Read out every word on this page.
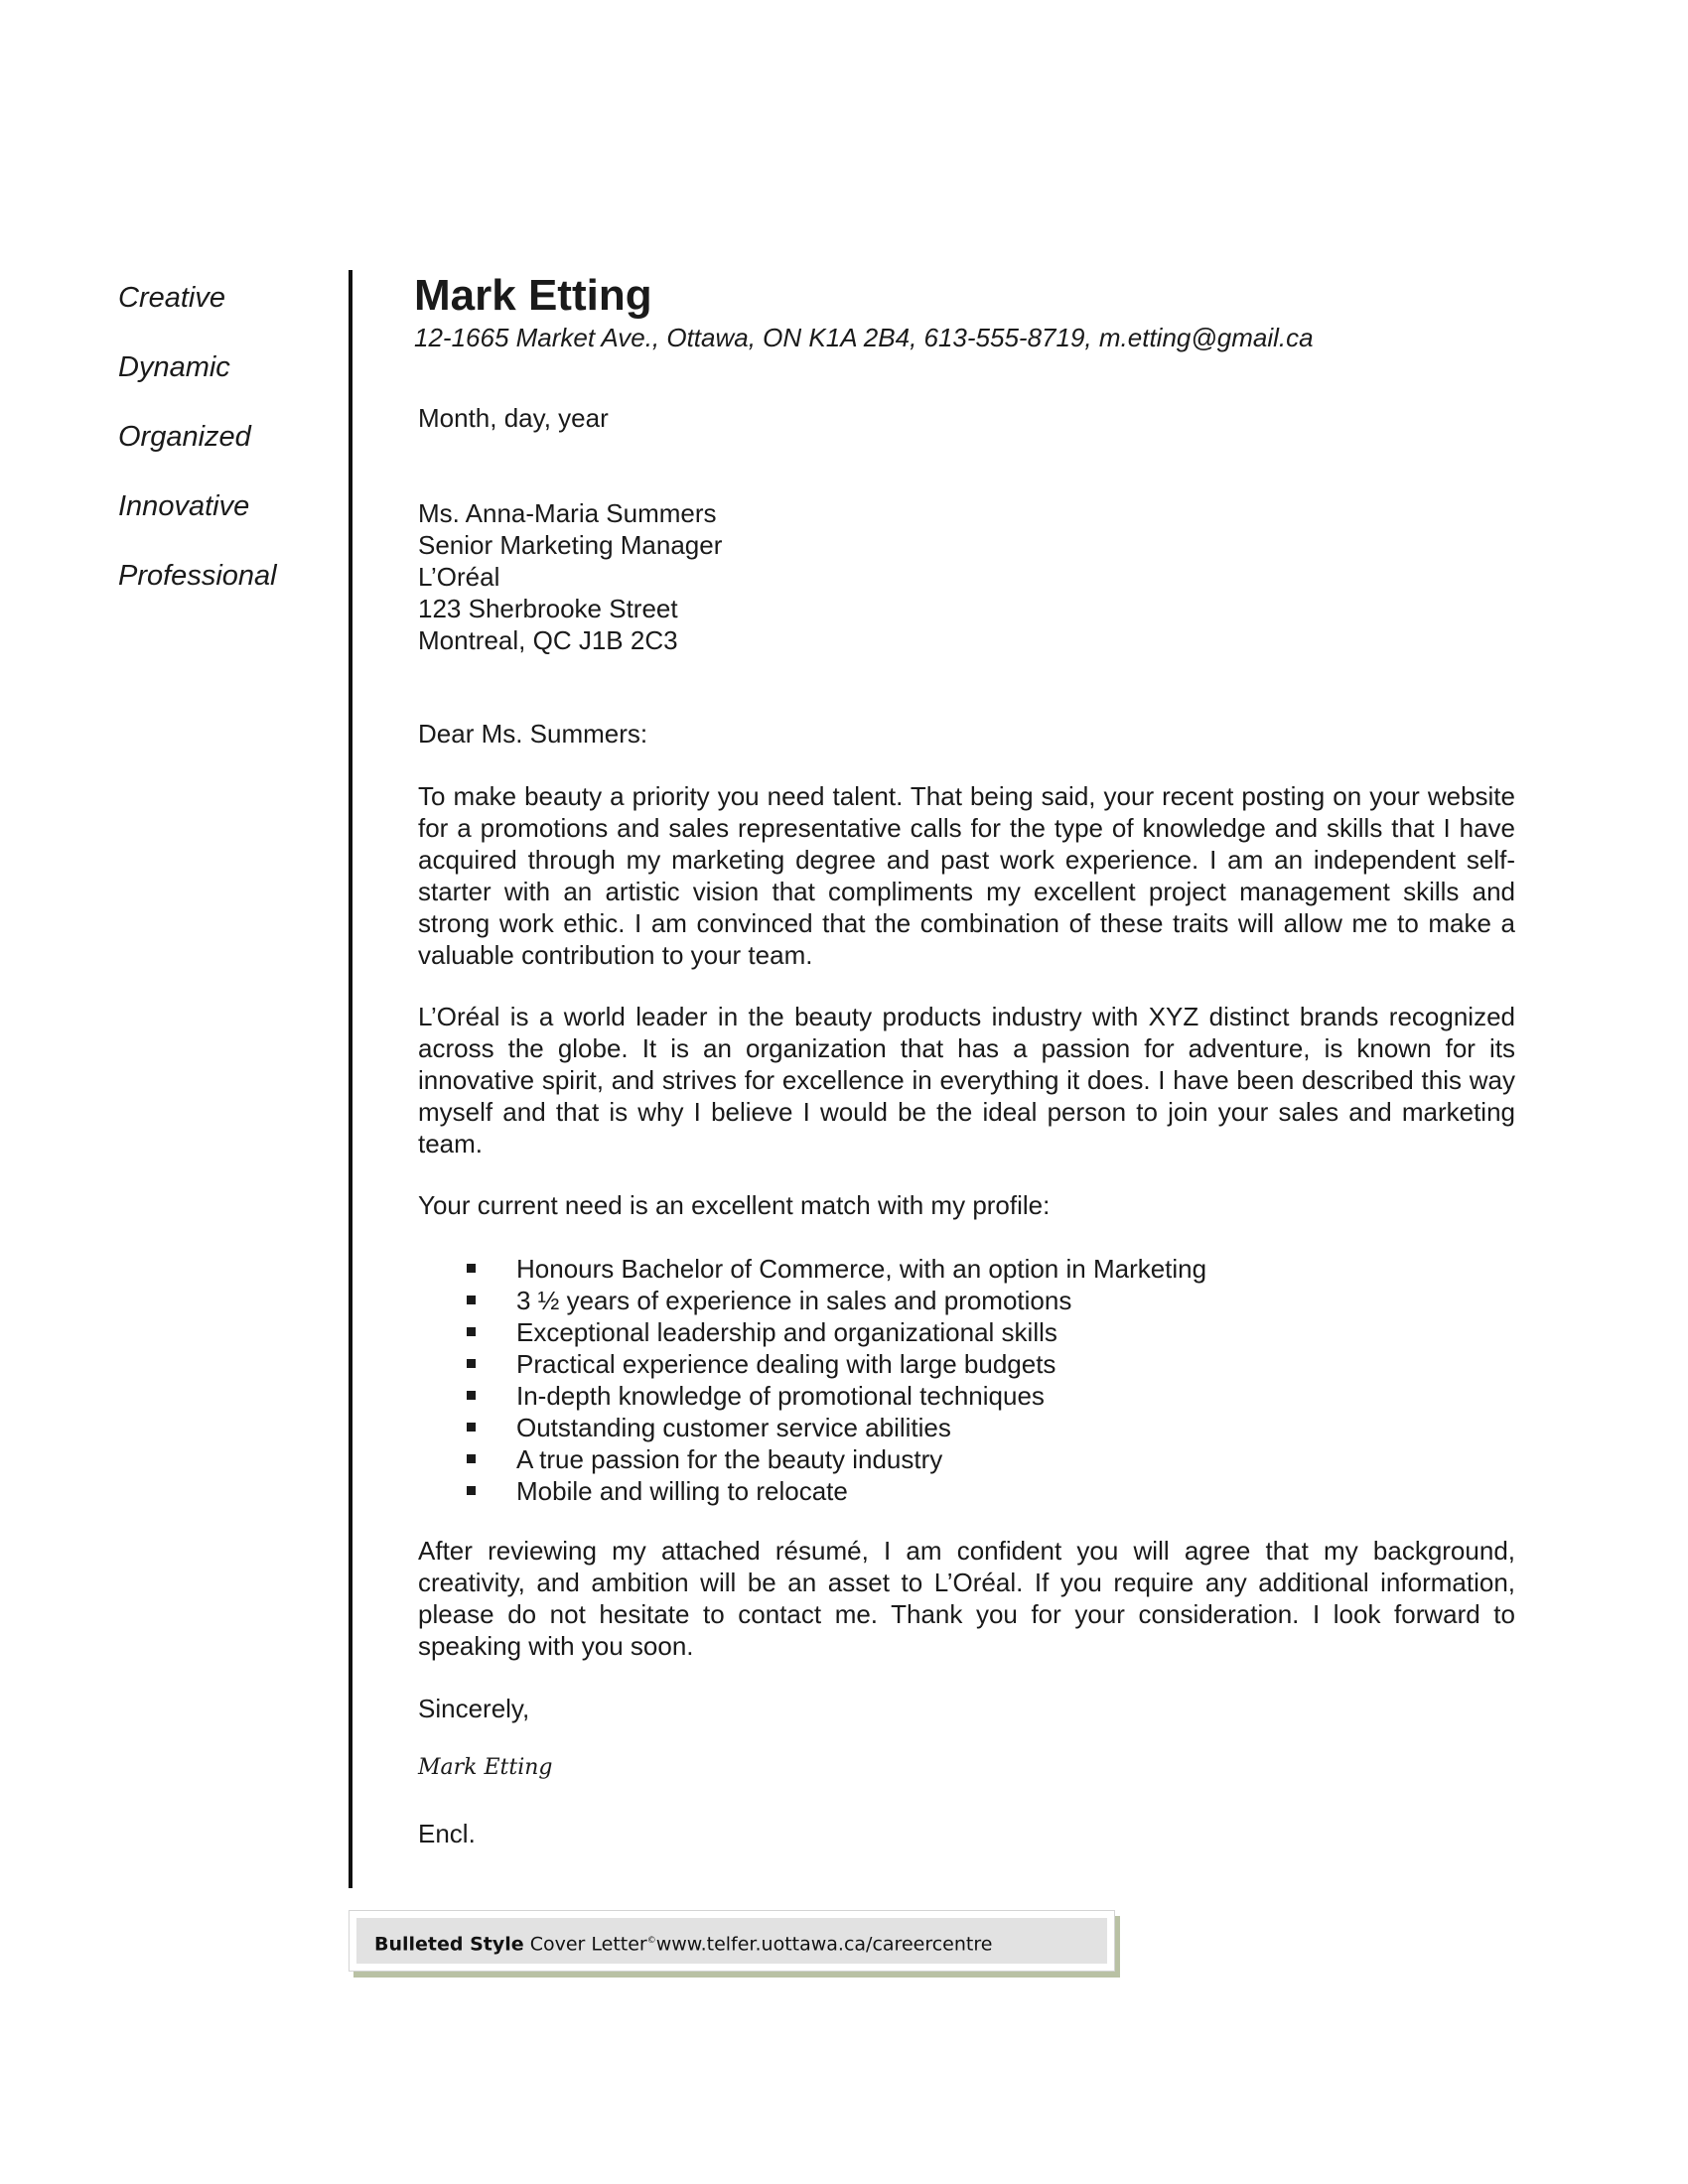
Creative
Dynamic
Organized
Innovative
Professional
Mark Etting
12-1665 Market Ave., Ottawa, ON K1A 2B4, 613-555-8719, m.etting@gmail.ca
Month, day, year
Ms. Anna-Maria Summers
Senior Marketing Manager
L’Oréal
123 Sherbrooke Street
Montreal, QC J1B 2C3
Dear Ms. Summers:
To make beauty a priority you need talent. That being said, your recent posting on your website for a promotions and sales representative calls for the type of knowledge and skills that I have acquired through my marketing degree and past work experience. I am an independent self-starter with an artistic vision that compliments my excellent project management skills and strong work ethic. I am convinced that the combination of these traits will allow me to make a valuable contribution to your team.
L’Oréal is a world leader in the beauty products industry with XYZ distinct brands recognized across the globe. It is an organization that has a passion for adventure, is known for its innovative spirit, and strives for excellence in everything it does. I have been described this way myself and that is why I believe I would be the ideal person to join your sales and marketing team.
Your current need is an excellent match with my profile:
Honours Bachelor of Commerce, with an option in Marketing
3 ½ years of experience in sales and promotions
Exceptional leadership and organizational skills
Practical experience dealing with large budgets
In-depth knowledge of promotional techniques
Outstanding customer service abilities
A true passion for the beauty industry
Mobile and willing to relocate
After reviewing my attached résumé, I am confident you will agree that my background, creativity, and ambition will be an asset to L’Oréal. If you require any additional information, please do not hesitate to contact me. Thank you for your consideration. I look forward to speaking with you soon.
Sincerely,
Mark Etting
Encl.
Bulleted Style Cover Letter©www.telfer.uottawa.ca/careercentre
